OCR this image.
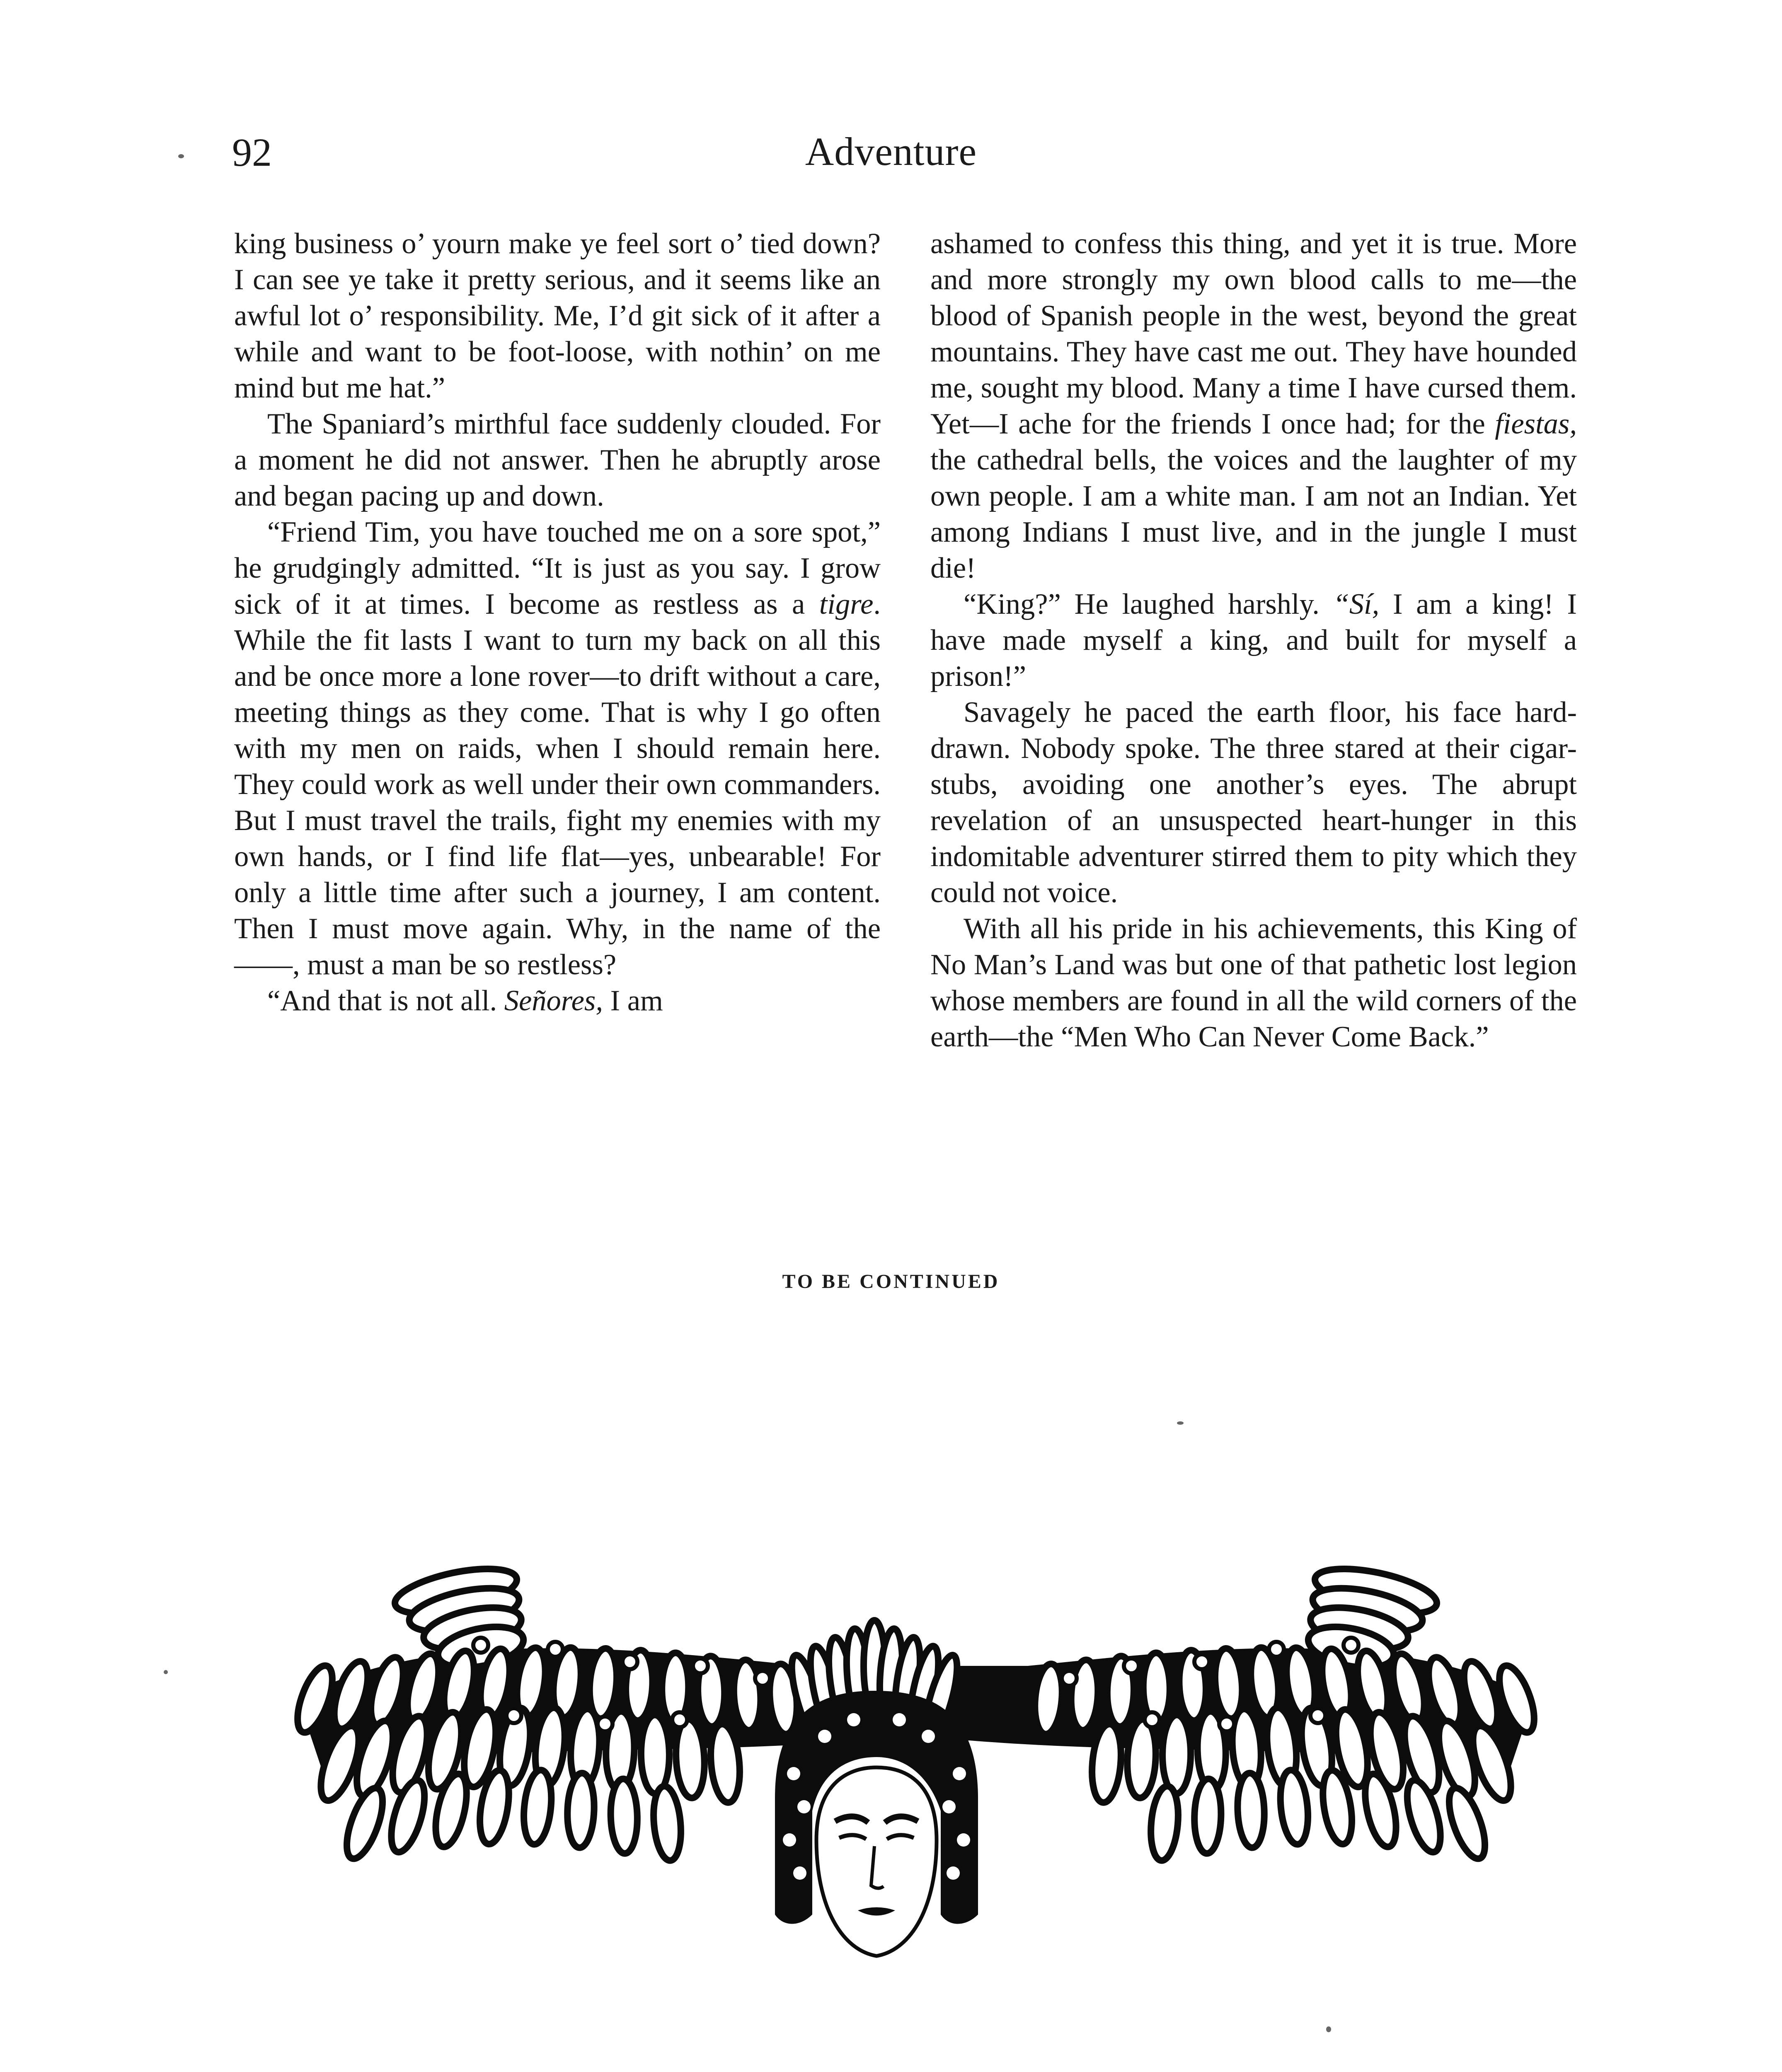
92	Adventure

king business o’ yourn make ye feel sort o’ tied down? I can see ye take it pretty serious, and it seems like an awful lot o’ responsibility. Me, I’d git sick of it after a while and want to be foot-loose, with nothin’ on me mind but me hat.”

The Spaniard’s mirthful face suddenly clouded. For a moment he did not answer. Then he abruptly arose and began pacing up and down.

“Friend Tim, you have touched me on a sore spot,” he grudgingly admitted. “It is just as you say. I grow sick of it at times. I become as restless as a tigre. While the fit lasts I want to turn my back on all this and be once more a lone rover—to drift without a care, meeting things as they come. That is why I go often with my men on raids, when I should remain here. They could work as well under their own commanders. But I must travel the trails, fight my enemies with my own hands, or I find life flat—yes, unbearable! For only a little time after such a journey, I am content. Then I must move again. Why, in the name of the ——, must a man be so restless?

“And that is not all. Señores, I am

ashamed to confess this thing, and yet it is true. More and more strongly my own blood calls to me—the blood of Spanish people in the west, beyond the great mountains. They have cast me out. They have hounded me, sought my blood. Many a time I have cursed them. Yet—I ache for the friends I once had; for the fiestas, the cathedral bells, the voices and the laughter of my own people. I am a white man. I am not an Indian. Yet among Indians I must live, and in the jungle I must die!

“King?” He laughed harshly. “Sí, I am a king! I have made myself a king, and built for myself a prison!”

Savagely he paced the earth floor, his face hard-drawn. Nobody spoke. The three stared at their cigar-stubs, avoiding one another’s eyes. The abrupt revelation of an unsuspected heart-hunger in this indomitable adventurer stirred them to pity which they could not voice.

With all his pride in his achievements, this King of No Man’s Land was but one of that pathetic lost legion whose members are found in all the wild corners of the earth—the “Men Who Can Never Come Back.”

TO BE CONTINUED
